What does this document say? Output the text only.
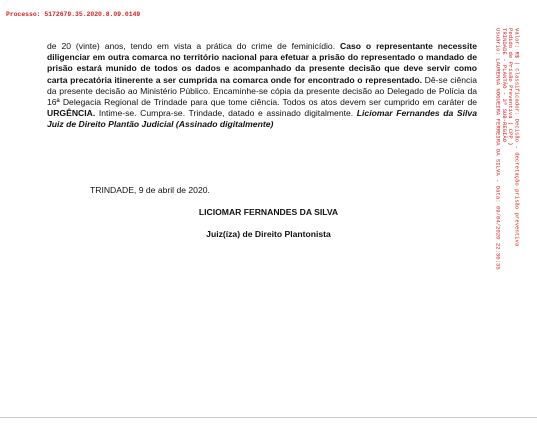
Processo: 5172679.35.2020.8.09.0149
de 20 (vinte) anos, tendo em vista a prática do crime de feminicídio. Caso o representante necessite diligenciar em outra comarca no território nacional para efetuar a prisão do representado o mandado de prisão estará munido de todos os dados e acompanhado da presente decisão que deve servir como carta precatória itinerente a ser cumprida na comarca onde for encontrado o representado. Dê-se ciência da presente decisão ao Ministério Público. Encaminhe-se cópia da presente decisão ao Delegado de Polícia da 16ª Delegacia Regional de Trindade para que tome ciência. Todos os atos devem ser cumprido em caráter de URGÊNCIA. Intime-se. Cumpra-se. Trindade, datado e assinado digitalmente. Liciomar Fernandes da Silva Juiz de Direito Plantão Judicial (Assinado digitalmente)
TRINDADE, 9 de abril de 2020.
LICIOMAR FERNANDES DA SILVA
Juiz(íza) de Direito Plantonista	Valor: R$ | Classificador: Decisão - decretação prisão preventiva
Pedido de Prisão Preventiva ( CPP )
TRINDADE - PLANTÃO - 3ª SUB-REGIÃO
Usuário: LAURENNA NOGUEIRA FERREIRA DA SILVA - Data: 09/04/2020 22:30:35
